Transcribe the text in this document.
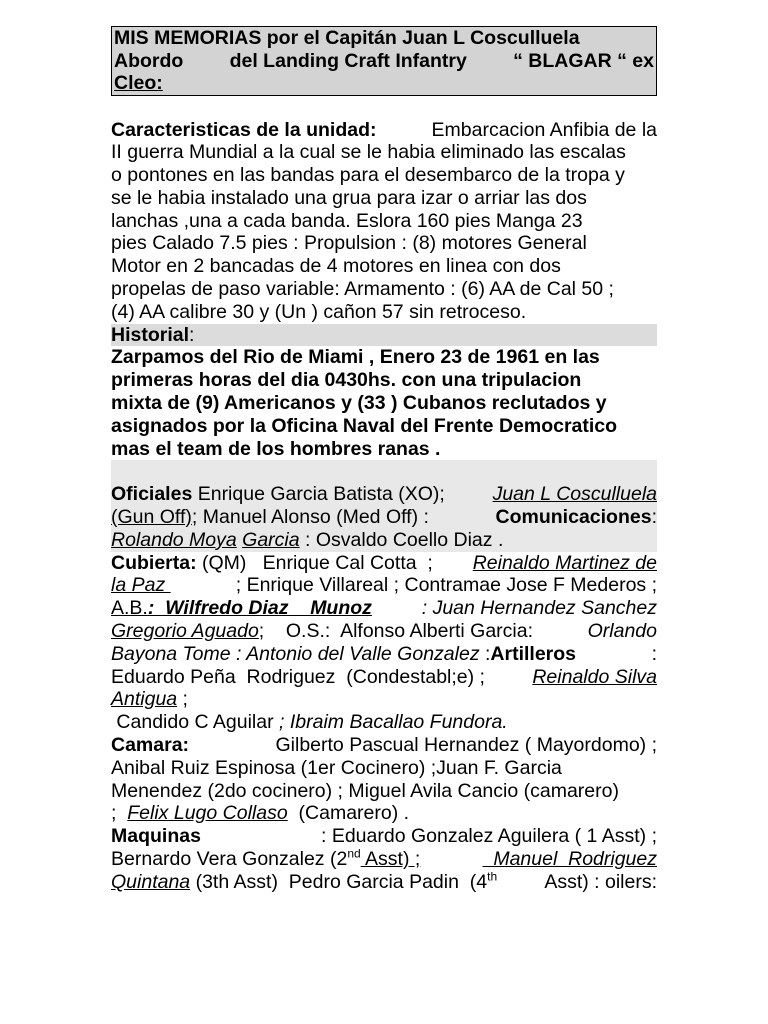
MIS MEMORIAS por el Capitán Juan L Cosculluela
Abordo del Landing Craft Infantry “ BLAGAR “ ex
Cleo:
Caracteristicas de la unidad:	Embarcacion Anfibia de la
II guerra Mundial a la cual se le habia eliminado las escalas
o pontones en las bandas para el desembarco de la tropa y
se le habia instalado una grua para izar o arriar las dos
lanchas ,una a cada banda. Eslora 160 pies Manga 23
pies Calado 7.5 pies : Propulsion : (8) motores General
Motor en 2 bancadas de 4 motores en linea con dos
propelas de paso variable: Armamento : (6) AA de Cal 50 ;
(4) AA calibre 30 y (Un ) cañon 57 sin retroceso.
Historial :
Zarpamos del Rio de Miami , Enero 23 de 1961 en las
primeras horas del dia 0430hs. con una tripulacion
mixta de (9) Americanos y (33 ) Cubanos reclutados y
asignados por la Oficina Naval del Frente Democratico
mas el team de los hombres ranas .
Oficiales Enrique Garcia Batista (XO); Juan L Cosculluela
(Gun Off); Manuel Alonso (Med Off) :	Comunicaciones:
Rolando Moya
Garcia : Osvaldo Coello Diaz .
Cubierta: (QM)   Enrique Cal Cotta  ; Reinaldo Martinez de
la Paz	; Enrique Villareal ; Contramae Jose F Mederos ;
A.B.:  Wilfredo Diaz    Munoz	: Juan Hernandez Sanchez
Gregorio Aguado;    O.S.:  Alfonso Alberti Garcia: Orlando
Bayona Tome : Antonio del Valle Gonzalez :Artilleros	:
Eduardo Peña  Rodriguez  (Condestabl;e) ; Reinaldo Silva
Antigua ;
Candido C Aguilar ; Ibraim Bacallao Fundora.
Camara:	Gilberto Pascual Hernandez ( Mayordomo) ;
Anibal Ruiz Espinosa (1er Cocinero) ;Juan F. Garcia
Menendez (2do cocinero) ; Miguel Avila Cancio (camarero)
; Felix Lugo Collaso (Camarero) .
Maquinas	: Eduardo Gonzalez Aguilera ( 1 Asst) ;
Bernardo Vera Gonzalez (2nd Asst) ;	Manuel  Rodriguez
Quintana (3th Asst)  Pedro Garcia Padin  (4th Asst) : oilers:
